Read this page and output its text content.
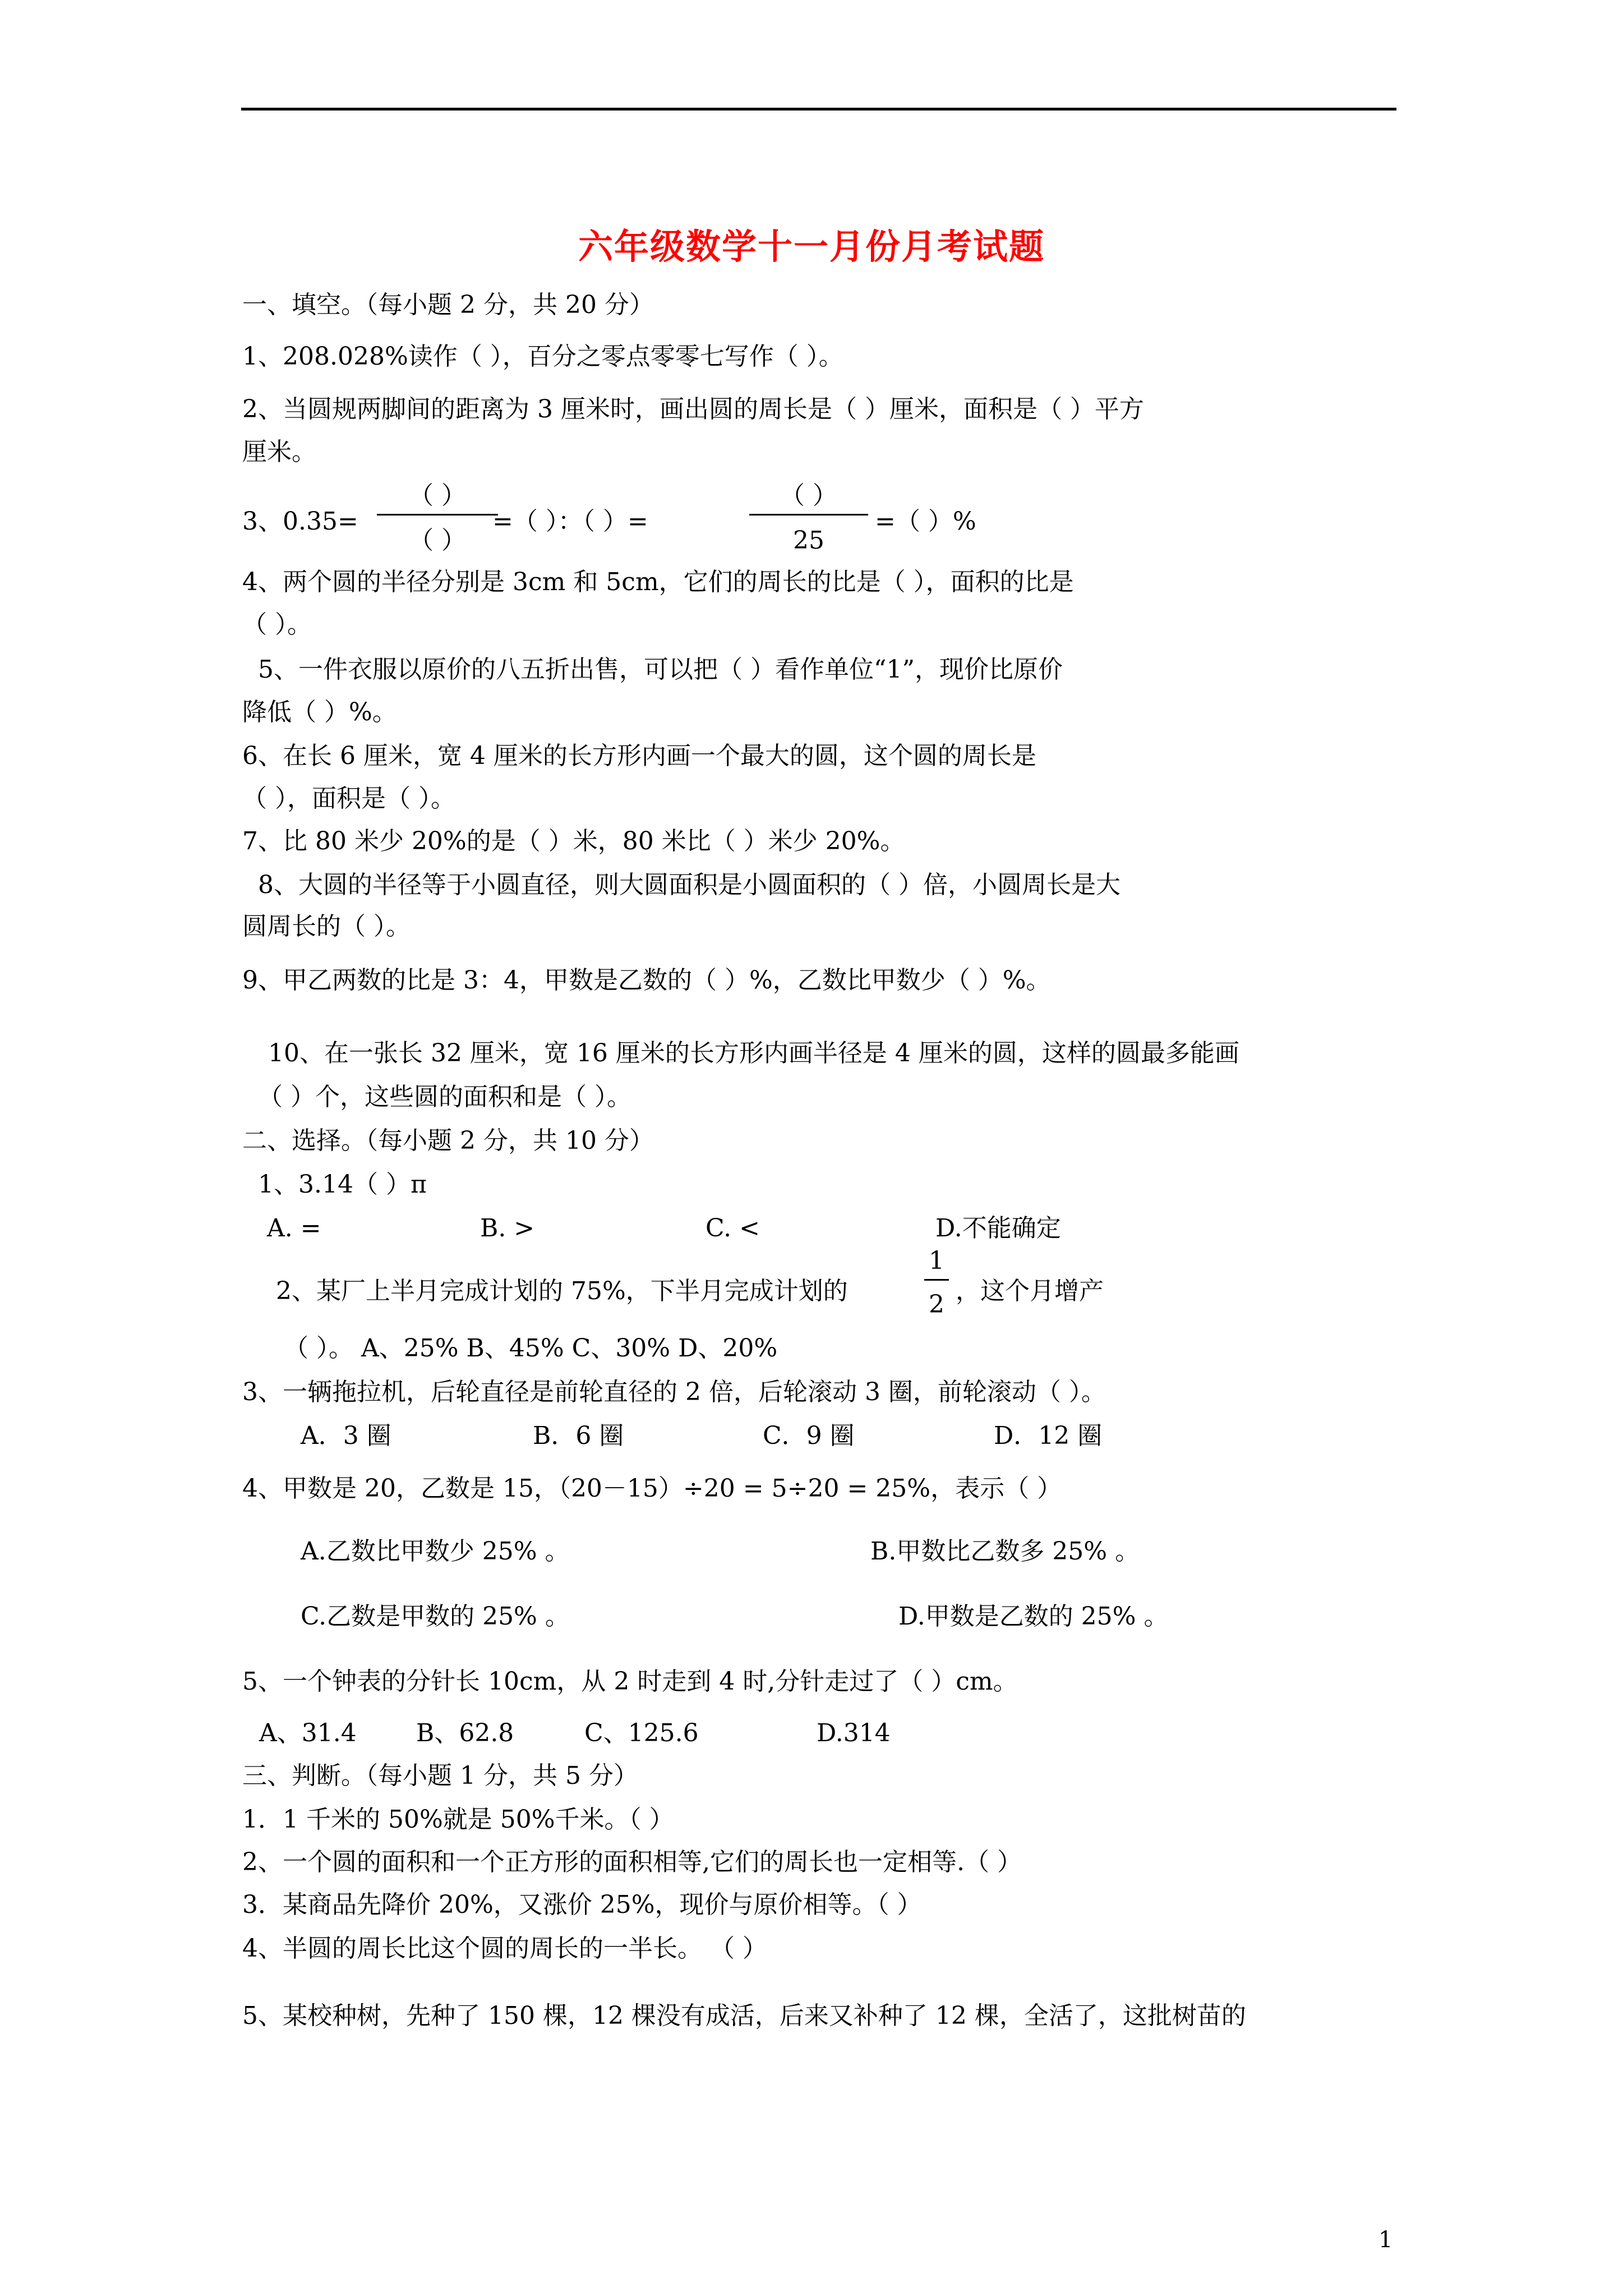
六年级数学十一月份月考试题
一、填空。（每小题 2 分，共 20 分）
1、208.028%读作（ ），百分之零点零零七写作（ ）。
2、当圆规两脚间的距离为 3 厘米时，画出圆的周长是（ ）厘米，面积是（ ）平方
厘米。
3、0.35=
（ ）
（ ）
=（ ）：（ ）=
（ ）
25
=（ ）%
4、两个圆的半径分别是 3cm 和 5cm，它们的周长的比是（ ），面积的比是
（ ）。
5、一件衣服以原价的八五折出售，可以把（ ）看作单位“1”，现价比原价
降低（ ）%。
6、在长 6 厘米，宽 4 厘米的长方形内画一个最大的圆，这个圆的周长是
（ ），面积是（ ）。
7、比 80 米少 20%的是（ ）米，80 米比（ ）米少 20%。
8、大圆的半径等于小圆直径，则大圆面积是小圆面积的（ ）倍，小圆周长是大
圆周长的（ ）。
9、甲乙两数的比是 3：4，甲数是乙数的（ ）%，乙数比甲数少（ ）%。
10、在一张长 32 厘米，宽 16 厘米的长方形内画半径是 4 厘米的圆，这样的圆最多能画
（ ）个，这些圆的面积和是（ ）。
二、选择。（每小题 2 分，共 10 分）
1、3.14（ ）π
A. =	B. >	C. <	D.不能确定
2、某厂上半月完成计划的 75%，下半月完成计划的
1
2 ，这个月增产
（ ）。 A、25% B、45% C、30% D、20%
3、一辆拖拉机，后轮直径是前轮直径的 2 倍，后轮滚动 3 圈，前轮滚动（ ）。
A．3 圈	B．6 圈	C．9 圈	D．12 圈
4、甲数是 20，乙数是 15，（20－15）÷20 = 5÷20 = 25%，表示（ ）
A.乙数比甲数少 25% 。	B.甲数比乙数多 25% 。
C.乙数是甲数的 25% 。	D.甲数是乙数的 25% 。
5、一个钟表的分针长 10cm，从 2 时走到 4 时,分针走过了（ ）cm。
A、31.4 B、62.8	C、125.6	D.314
三、判断。（每小题 1 分，共 5 分）
1．1 千米的 50%就是 50%千米。（ ）
2、一个圆的面积和一个正方形的面积相等,它们的周长也一定相等.（ ）
3．某商品先降价 20%，又涨价 25%，现价与原价相等。（ ）
4、半圆的周长比这个圆的周长的一半长。 （ ）
5、某校种树，先种了 150 棵，12 棵没有成活，后来又补种了 12 棵，全活了，这批树苗的
1
